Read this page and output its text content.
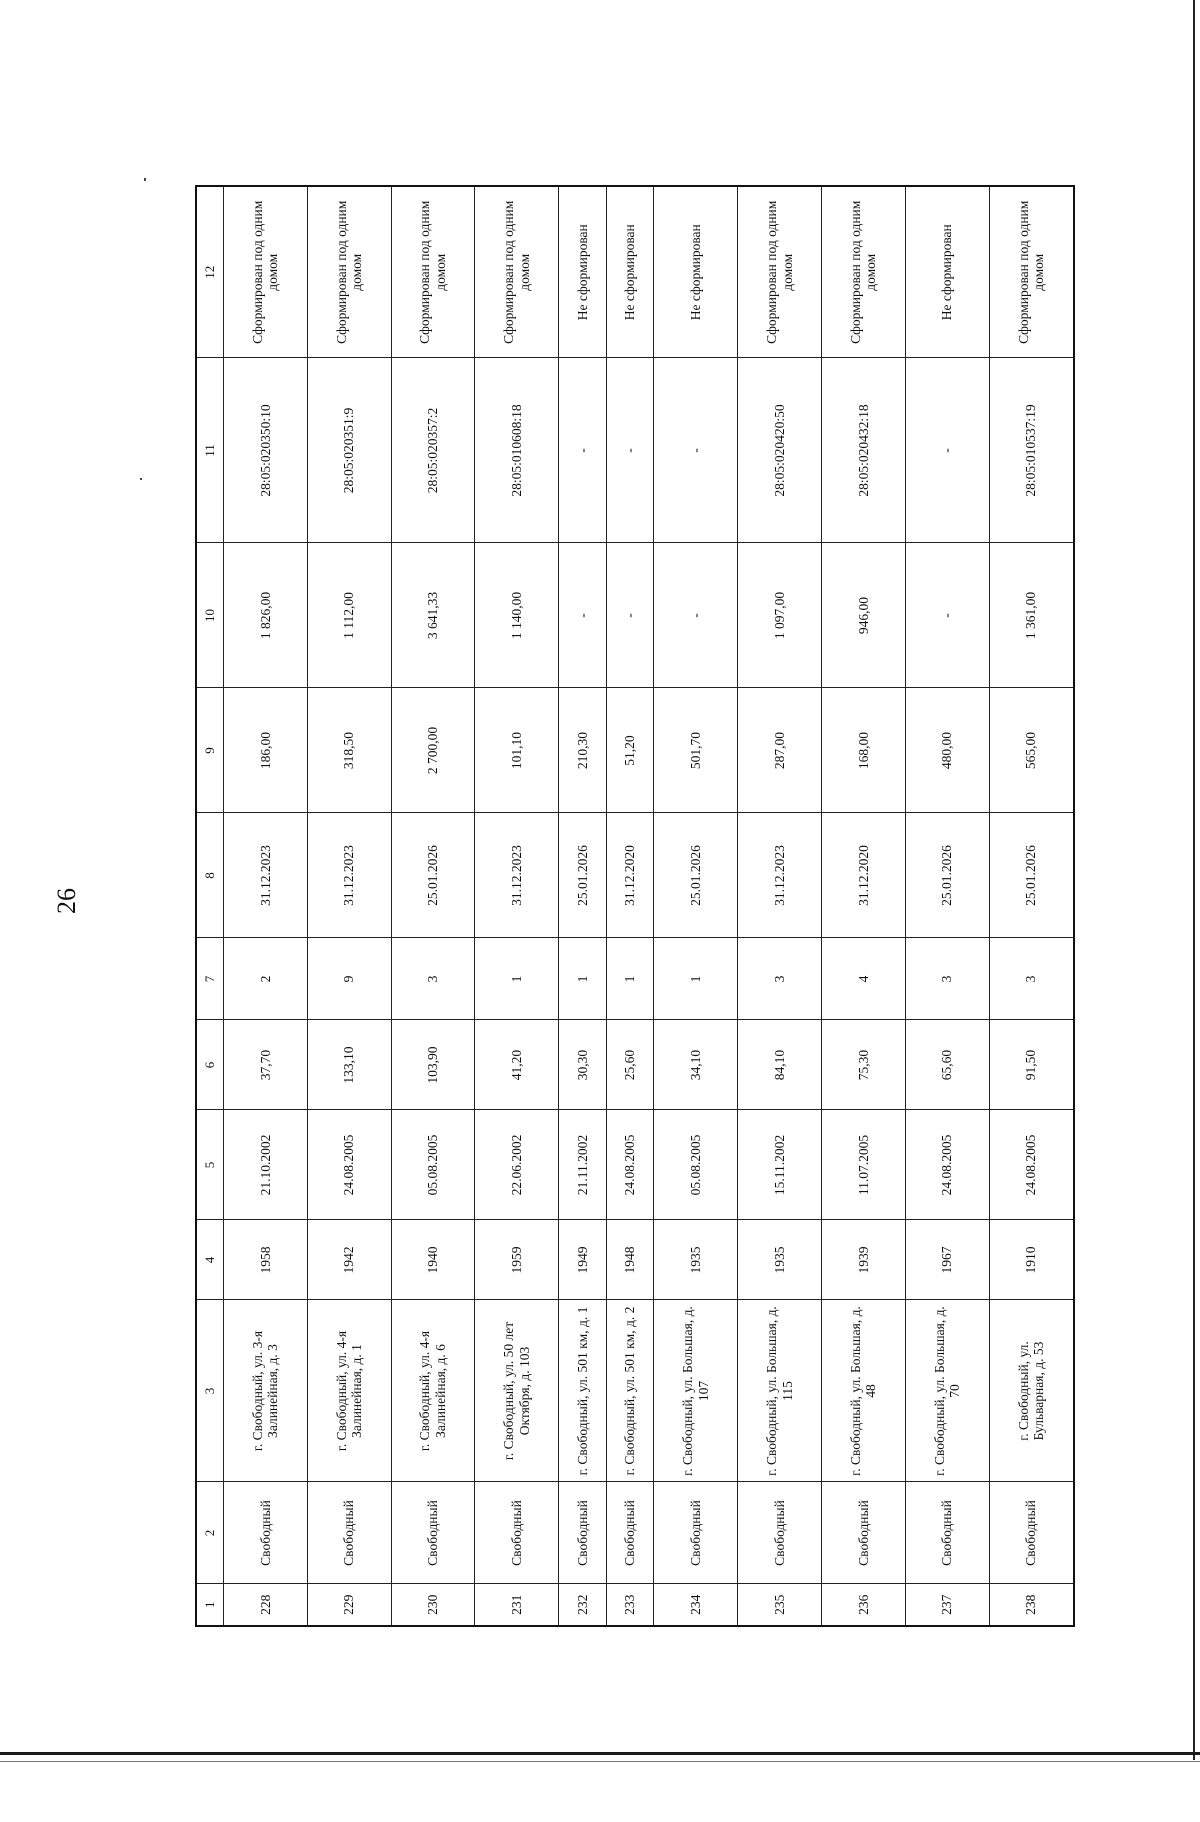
26
1	2	3	4	5	6	7	8	9	10	11	12
228	Свободный	г. Свободный, ул. 3-я Залинейная, д. 3	1958	21.10.2002	37,70	2	31.12.2023	186,00	1 826,00	28:05:020350:10	Сформирован под одним домом
229	Свободный	г. Свободный, ул. 4-я Залинейная, д. 1	1942	24.08.2005	133,10	9	31.12.2023	318,50	1 112,00	28:05:020351:9	Сформирован под одним домом
230	Свободный	г. Свободный, ул. 4-я Залинейная, д. 6	1940	05.08.2005	103,90	3	25.01.2026	2 700,00	3 641,33	28:05:020357:2	Сформирован под одним домом
231	Свободный	г. Свободный, ул. 50 лет Октября, д. 103	1959	22.06.2002	41,20	1	31.12.2023	101,10	1 140,00	28:05:010608:18	Сформирован под одним домом
232	Свободный	г. Свободный, ул. 501 км, д. 1	1949	21.11.2002	30,30	1	25.01.2026	210,30	-	-	Не сформирован
233	Свободный	г. Свободный, ул. 501 км, д. 2	1948	24.08.2005	25,60	1	31.12.2020	51,20	-	-	Не сформирован
234	Свободный	г. Свободный, ул. Большая, д. 107	1935	05.08.2005	34,10	1	25.01.2026	501,70	-	-	Не сформирован
235	Свободный	г. Свободный, ул. Большая, д. 115	1935	15.11.2002	84,10	3	31.12.2023	287,00	1 097,00	28:05:020420:50	Сформирован под одним домом
236	Свободный	г. Свободный, ул. Большая, д. 48	1939	11.07.2005	75,30	4	31.12.2020	168,00	946,00	28:05:020432:18	Сформирован под одним домом
237	Свободный	г. Свободный, ул. Большая, д. 70	1967	24.08.2005	65,60	3	25.01.2026	480,00	-	-	Не сформирован
238	Свободный	г. Свободный, ул. Бульварная, д. 53	1910	24.08.2005	91,50	3	25.01.2026	565,00	1 361,00	28:05:010537:19	Сформирован под одним домом
